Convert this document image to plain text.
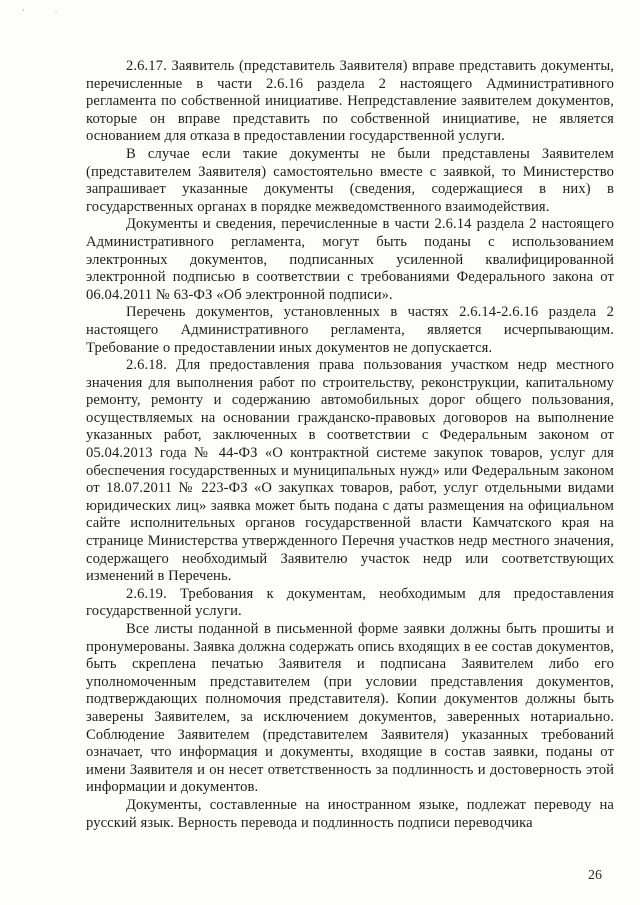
' ·

2.6.17. Заявитель (представитель Заявителя) вправе представить документы, перечисленные в части 2.6.16 раздела 2 настоящего Административного регламента по собственной инициативе. Непредставление заявителем документов, которые он вправе представить по собственной инициативе, не является основанием для отказа в предоставлении государственной услуги.

В случае если такие документы не были представлены Заявителем (представителем Заявителя) самостоятельно вместе с заявкой, то Министерство запрашивает указанные документы (сведения, содержащиеся в них) в государственных органах в порядке межведомственного взаимодействия.

Документы и сведения, перечисленные в части 2.6.14 раздела 2 настоящего Административного регламента, могут быть поданы с использованием электронных документов, подписанных усиленной квалифицированной электронной подписью в соответствии с требованиями Федерального закона от 06.04.2011 № 63-ФЗ «Об электронной подписи».

Перечень документов, установленных в частях 2.6.14-2.6.16 раздела 2 настоящего Административного регламента, является исчерпывающим. Требование о предоставлении иных документов не допускается.

2.6.18. Для предоставления права пользования участком недр местного значения для выполнения работ по строительству, реконструкции, капитальному ремонту, ремонту и содержанию автомобильных дорог общего пользования, осуществляемых на основании гражданско-правовых договоров на выполнение указанных работ, заключенных в соответствии с Федеральным законом от 05.04.2013 года № 44-ФЗ «О контрактной системе закупок товаров, услуг для обеспечения государственных и муниципальных нужд» или Федеральным законом от 18.07.2011 № 223-ФЗ «О закупках товаров, работ, услуг отдельными видами юридических лиц» заявка может быть подана с даты размещения на официальном сайте исполнительных органов государственной власти Камчатского края на странице Министерства утвержденного Перечня участков недр местного значения, содержащего необходимый Заявителю участок недр или соответствующих изменений в Перечень.

2.6.19. Требования к документам, необходимым для предоставления государственной услуги.

Все листы поданной в письменной форме заявки должны быть прошиты и пронумерованы. Заявка должна содержать опись входящих в ее состав документов, быть скреплена печатью Заявителя и подписана Заявителем либо его уполномоченным представителем (при условии представления документов, подтверждающих полномочия представителя). Копии документов должны быть заверены Заявителем, за исключением документов, заверенных нотариально. Соблюдение Заявителем (представителем Заявителя) указанных требований означает, что информация и документы, входящие в состав заявки, поданы от имени Заявителя и он несет ответственность за подлинность и достоверность этой информации и документов.

Документы, составленные на иностранном языке, подлежат переводу на русский язык. Верность перевода и подлинность подписи переводчика

26
